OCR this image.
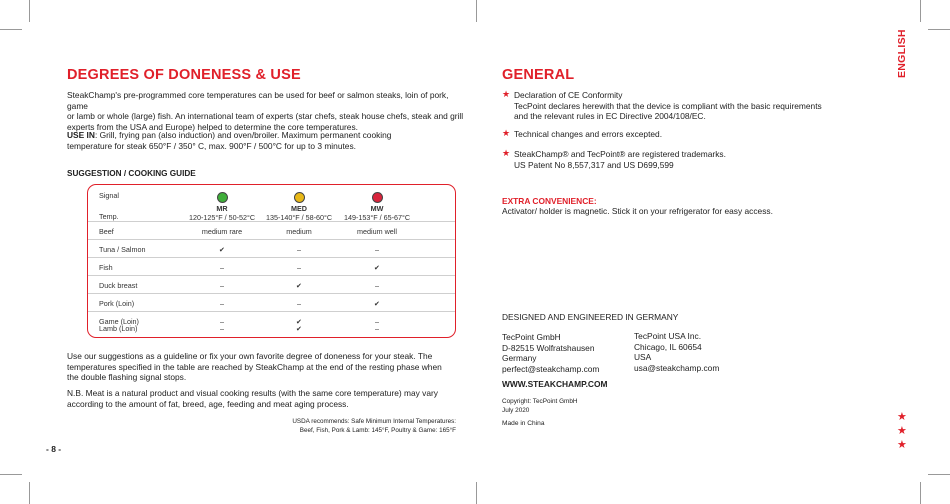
DEGREES OF DONENESS & USE
SteakChamp's pre-programmed core temperatures can be used for beef or salmon steaks, loin of pork, game
or lamb or whole (large) fish. An international team of experts (star chefs, steak house chefs, steak and grill
experts from the USA and Europe) helped to determine the core temperatures.
USE IN: Grill, frying pan (also induction) and oven/broiler. Maximum permanent cooking
temperature for steak 650°F / 350° C, max. 900°F / 500°C for up to 3 minutes.
SUGGESTION / COOKING GUIDE
Signal
Temp.
MR	MED	MW
120-125°F / 50-52°C	135-140°F / 58-60°C	149-153°F / 65-67°C
Beef	medium rare	medium	medium well
Tuna / Salmon	✔	–	–
Fish	–	–	✔
Duck breast	–	✔	–
Pork (Loin)	–	–	✔
Game (Loin)	–	✔	–
Lamb (Loin)	–	✔	–
Use our suggestions as a guideline or fix your own favorite degree of doneness for your steak. The
temperatures specified in the table are reached by SteakChamp at the end of the resting phase when
the double flashing signal stops.
N.B. Meat is a natural product and visual cooking results (with the same core temperature) may vary
according to the amount of fat, breed, age, feeding and meat aging process.
USDA recommends: Safe Minimum Internal Temperatures:
Beef, Fish, Pork & Lamb: 145°F, Poultry & Game: 165°F
- 8 -
GENERAL
★ Declaration of CE Conformity
TecPoint declares herewith that the device is compliant with the basic requirements
and the relevant rules in EC Directive 2004/108/EC.
★ Technical changes and errors excepted.
★ SteakChamp® and TecPoint® are registered trademarks.
US Patent No 8,557,317 and US D699,599
EXTRA CONVENIENCE:
Activator/ holder is magnetic. Stick it on your refrigerator for easy access.
DESIGNED AND ENGINEERED IN GERMANY
TecPoint GmbH
D-82515 Wolfratshausen
Germany
perfect@steakchamp.com
TecPoint USA Inc.
Chicago, IL 60654
USA
usa@steakchamp.com
WWW.STEAKCHAMP.COM
Copyright: TecPoint GmbH
July 2020
Made in China
ENGLISH
★
★
★
